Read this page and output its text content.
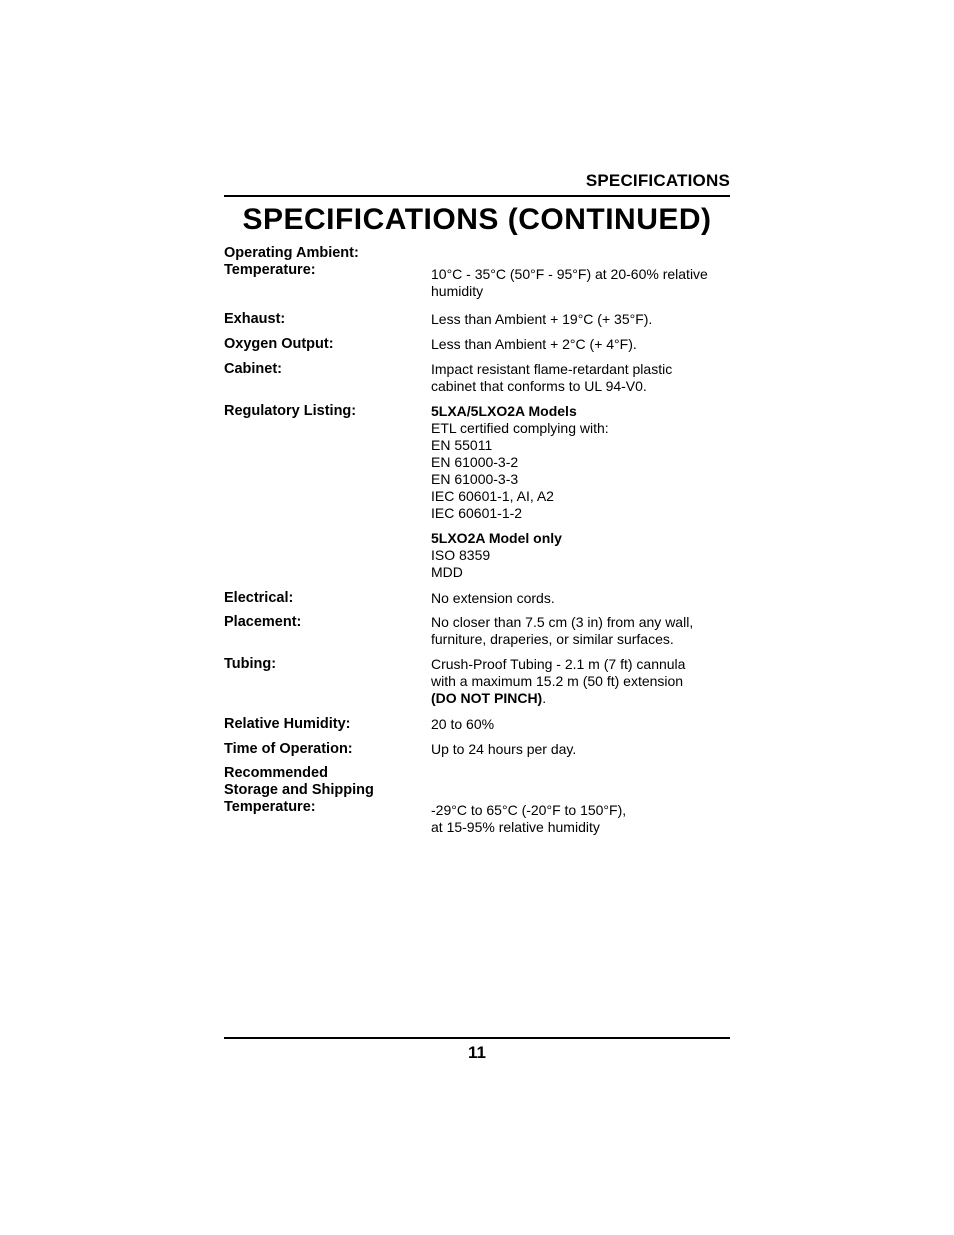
SPECIFICATIONS
SPECIFICATIONS (CONTINUED)
Operating Ambient:
Temperature:	10°C - 35°C (50°F - 95°F) at 20-60% relative humidity
Exhaust:	Less than Ambient + 19°C (+ 35°F).
Oxygen Output:	Less than Ambient + 2°C (+ 4°F).
Cabinet:	Impact resistant flame-retardant plastic cabinet that conforms to UL 94-V0.
Regulatory Listing:	5LXA/5LXO2A Models
ETL certified complying with:
EN 55011
EN 61000-3-2
EN 61000-3-3
IEC 60601-1, AI, A2
IEC 60601-1-2
5LXO2A Model only
ISO 8359
MDD
Electrical:	No extension cords.
Placement:	No closer than 7.5 cm (3 in) from any wall, furniture, draperies, or similar surfaces.
Tubing:	Crush-Proof Tubing - 2.1 m (7 ft) cannula with a maximum 15.2 m (50 ft) extension (DO NOT PINCH).
Relative Humidity:	20 to 60%
Time of Operation:	Up to 24 hours per day.
Recommended
Storage and Shipping
Temperature:	-29°C to 65°C (-20°F to 150°F),
at 15-95% relative humidity
11
